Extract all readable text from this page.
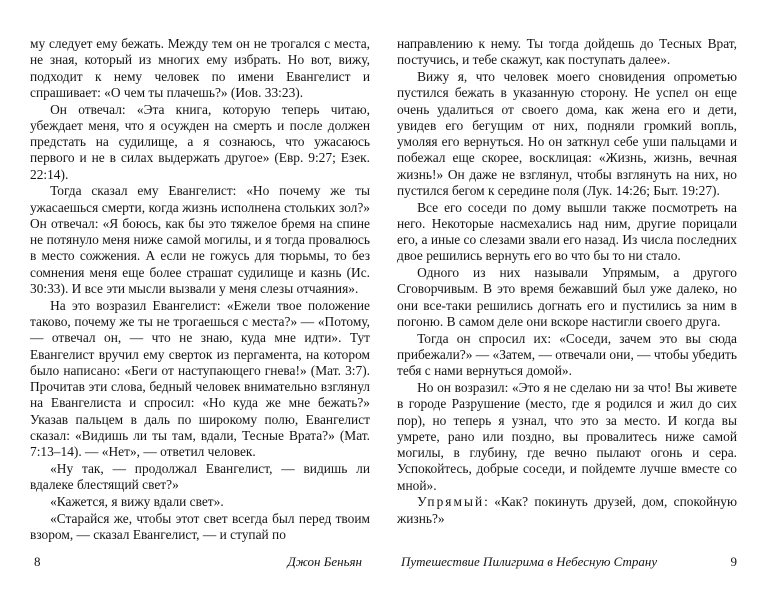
му следует ему бежать. Между тем он не трогался с места, не зная, который из многих ему избрать. Но вот, вижу, подходит к нему человек по имени Евангелист и спрашивает: «О чем ты плачешь?» (Иов. 33:23).

Он отвечал: «Эта книга, которую теперь читаю, убеждает меня, что я осужден на смерть и после должен предстать на судилище, а я сознаюсь, что ужасаюсь первого и не в силах выдержать другое» (Евр. 9:27; Езек. 22:14).

Тогда сказал ему Евангелист: «Но почему же ты ужасаешься смерти, когда жизнь исполнена стольких зол?» Он отвечал: «Я боюсь, как бы это тяжелое бремя на спине не потянуло меня ниже самой могилы, и я тогда провалюсь в место сожжения. А если не гожусь для тюрьмы, то без сомнения меня еще более страшат судилище и казнь (Ис. 30:33). И все эти мысли вызвали у меня слезы отчаяния».

На это возразил Евангелист: «Ежели твое положение таково, почему же ты не трогаешься с места?» — «Потому, — отвечал он, — что не знаю, куда мне идти». Тут Евангелист вручил ему сверток из пергамента, на котором было написано: «Беги от наступающего гнева!» (Мат. 3:7). Прочитав эти слова, бедный человек внимательно взглянул на Евангелиста и спросил: «Но куда же мне бежать?» Указав пальцем в даль по широкому полю, Евангелист сказал: «Видишь ли ты там, вдали, Тесные Врата?» (Мат. 7:13–14). — «Нет», — ответил человек.

«Ну так, — продолжал Евангелист, — видишь ли вдалеке блестящий свет?»

«Кажется, я вижу вдали свет».

«Старайся же, чтобы этот свет всегда был перед твоим взором, — сказал Евангелист, — и ступай по

8	Джон Беньян

направлению к нему. Ты тогда дойдешь до Тесных Врат, постучись, и тебе скажут, как поступать далее».

Вижу я, что человек моего сновидения опрометью пустился бежать в указанную сторону. Не успел он еще очень удалиться от своего дома, как жена его и дети, увидев его бегущим от них, подняли громкий вопль, умоляя его вернуться. Но он заткнул себе уши пальцами и побежал еще скорее, восклицая: «Жизнь, жизнь, вечная жизнь!» Он даже не взглянул, чтобы взглянуть на них, но пустился бегом к середине поля (Лук. 14:26; Быт. 19:27).

Все его соседи по дому вышли также посмотреть на него. Некоторые насмехались над ним, другие порицали его, а иные со слезами звали его назад. Из числа последних двое решились вернуть его во что бы то ни стало.

Одного из них называли Упрямым, а другого Сговорчивым. В это время бежавший был уже далеко, но они все-таки решились догнать его и пустились за ним в погоню. В самом деле они вскоре настигли своего друга.

Тогда он спросил их: «Соседи, зачем это вы сюда прибежали?» — «Затем, — отвечали они, — чтобы убедить тебя с нами вернуться домой».

Но он возразил: «Это я не сделаю ни за что! Вы живете в городе Разрушение (место, где я родился и жил до сих пор), но теперь я узнал, что это за место. И когда вы умрете, рано или поздно, вы провалитесь ниже самой могилы, в глубину, где вечно пылают огонь и сера. Успокойтесь, добрые соседи, и пойдемте лучше вместе со мной».

Упрямый: «Как? покинуть друзей, дом, спокойную жизнь?»

Путешествие Пилигрима в Небесную Страну	9
